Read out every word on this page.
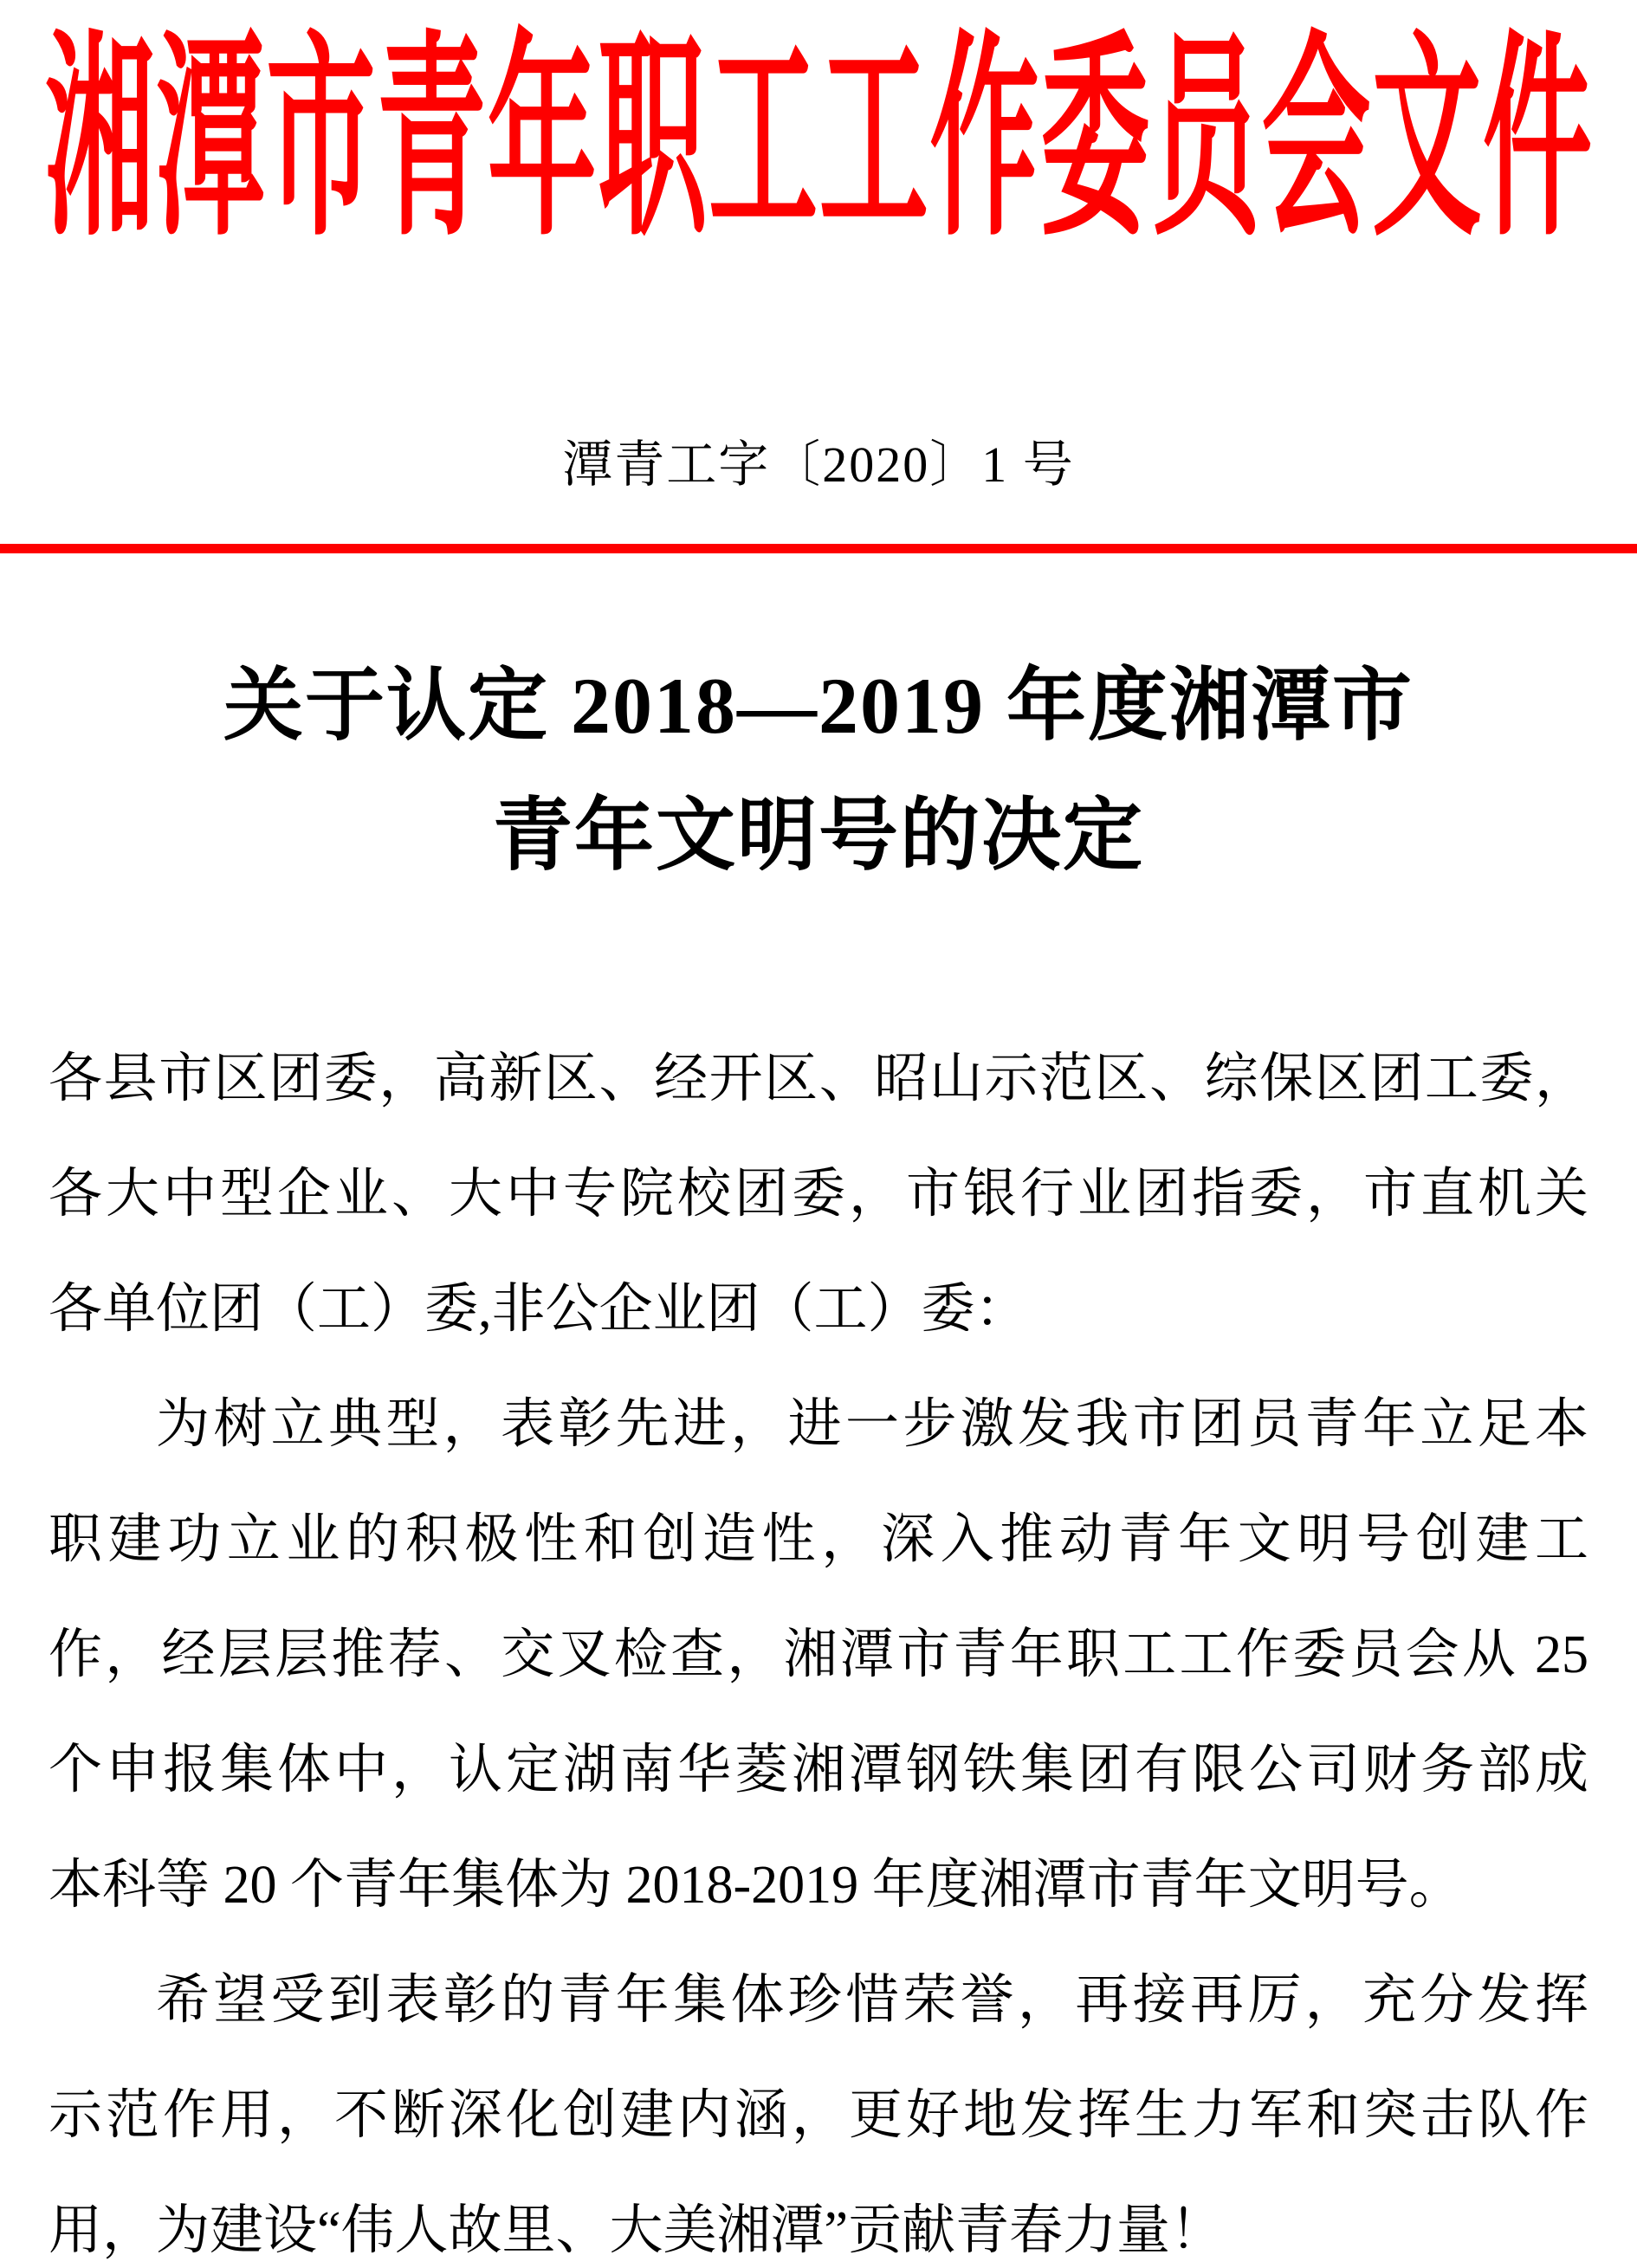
湘潭市青年职工工作委员会文件
潭青工字〔2020〕1 号
关于认定 2018—2019 年度湘潭市
青年文明号的决定
各县市区团委，高新区、经开区、昭山示范区、综保区团工委，
各大中型企业、大中专院校团委，市银行业团指委，市直机关
各单位团（工）委,非公企业团（工）委：
为树立典型，表彰先进，进一步激发我市团员青年立足本
职建功立业的积极性和创造性，深入推动青年文明号创建工
作，经层层推荐、交叉检查，湘潭市青年职工工作委员会从 25
个申报集体中，认定湖南华菱湘潭钢铁集团有限公司财务部成
本科等 20 个青年集体为 2018-2019 年度湘潭市青年文明号。
希望受到表彰的青年集体珍惜荣誉，再接再厉，充分发挥
示范作用，不断深化创建内涵，更好地发挥生力军和突击队作
用，为建设“伟人故里、大美湘潭”贡献青春力量！
